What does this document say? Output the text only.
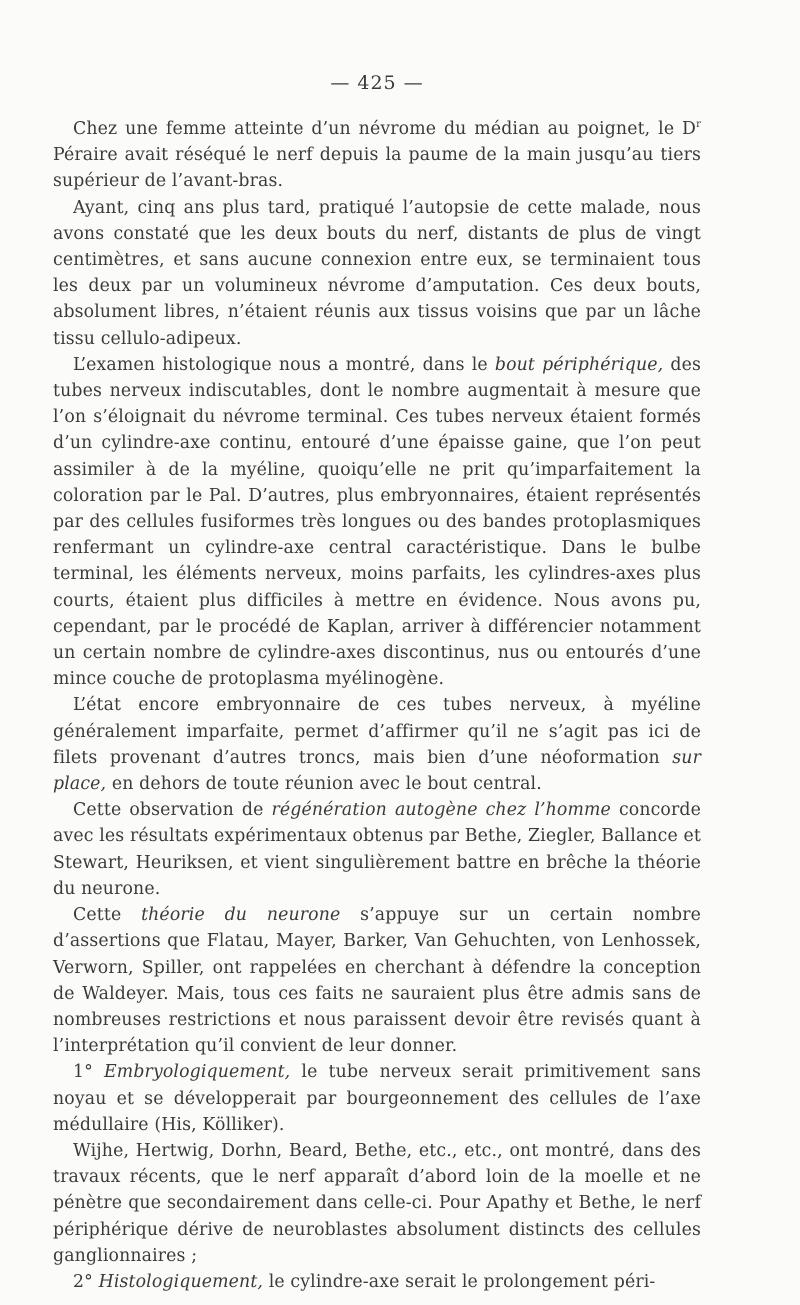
— 425 —

Chez une femme atteinte d’un névrome du médian au poignet, le $D^r$ Péraire avait réséqué le nerf depuis la paume de la main jusqu’au tiers supérieur de l’avant-bras.

Ayant, cinq ans plus tard, pratiqué l’autopsie de cette malade, nous avons constaté que les deux bouts du nerf, distants de plus de vingt centimètres, et sans aucune connexion entre eux, se terminaient tous les deux par un volumineux névrome d’amputation. Ces deux bouts, absolument libres, n’étaient réunis aux tissus voisins que par un lâche tissu cellulo-adipeux.

L’examen histologique nous a montré, dans le bout périphérique, des tubes nerveux indiscutables, dont le nombre augmentait à mesure que l’on s’éloignait du névrome terminal. Ces tubes nerveux étaient formés d’un cylindre-axe continu, entouré d’une épaisse gaine, que l’on peut assimiler à de la myéline, quoiqu’elle ne prit qu’imparfaitement la coloration par le Pal. D’autres, plus embryonnaires, étaient représentés par des cellules fusiformes très longues ou des bandes protoplasmiques renfermant un cylindre-axe central caractéristique. Dans le bulbe terminal, les éléments nerveux, moins parfaits, les cylindres-axes plus courts, étaient plus difficiles à mettre en évidence. Nous avons pu, cependant, par le procédé de Kaplan, arriver à différencier notamment un certain nombre de cylindre-axes discontinus, nus ou entourés d’une mince couche de protoplasma myélinogène.

L’état encore embryonnaire de ces tubes nerveux, à myéline généralement imparfaite, permet d’affirmer qu’il ne s’agit pas ici de filets provenant d’autres troncs, mais bien d’une néoformation sur place, en dehors de toute réunion avec le bout central.

Cette observation de régénération autogène chez l’homme concorde avec les résultats expérimentaux obtenus par Bethe, Ziegler, Ballance et Stewart, Heuriksen, et vient singulièrement battre en brêche la théorie du neurone.

Cette théorie du neurone s’appuye sur un certain nombre d’assertions que Flatau, Mayer, Barker, Van Gehuchten, von Lenhossek, Verworn, Spiller, ont rappelées en cherchant à défendre la conception de Waldeyer. Mais, tous ces faits ne sauraient plus être admis sans de nombreuses restrictions et nous paraissent devoir être revisés quant à l’interprétation qu’il convient de leur donner.

1° Embryologiquement, le tube nerveux serait primitivement sans noyau et se développerait par bourgeonnement des cellules de l’axe médullaire (His, Kölliker).

Wijhe, Hertwig, Dorhn, Beard, Bethe, etc., etc., ont montré, dans des travaux récents, que le nerf apparaît d’abord loin de la moelle et ne pénètre que secondairement dans celle-ci. Pour Apathy et Bethe, le nerf périphérique dérive de neuroblastes absolument distincts des cellules ganglionnaires ;

2° Histologiquement, le cylindre-axe serait le prolongement péri-
